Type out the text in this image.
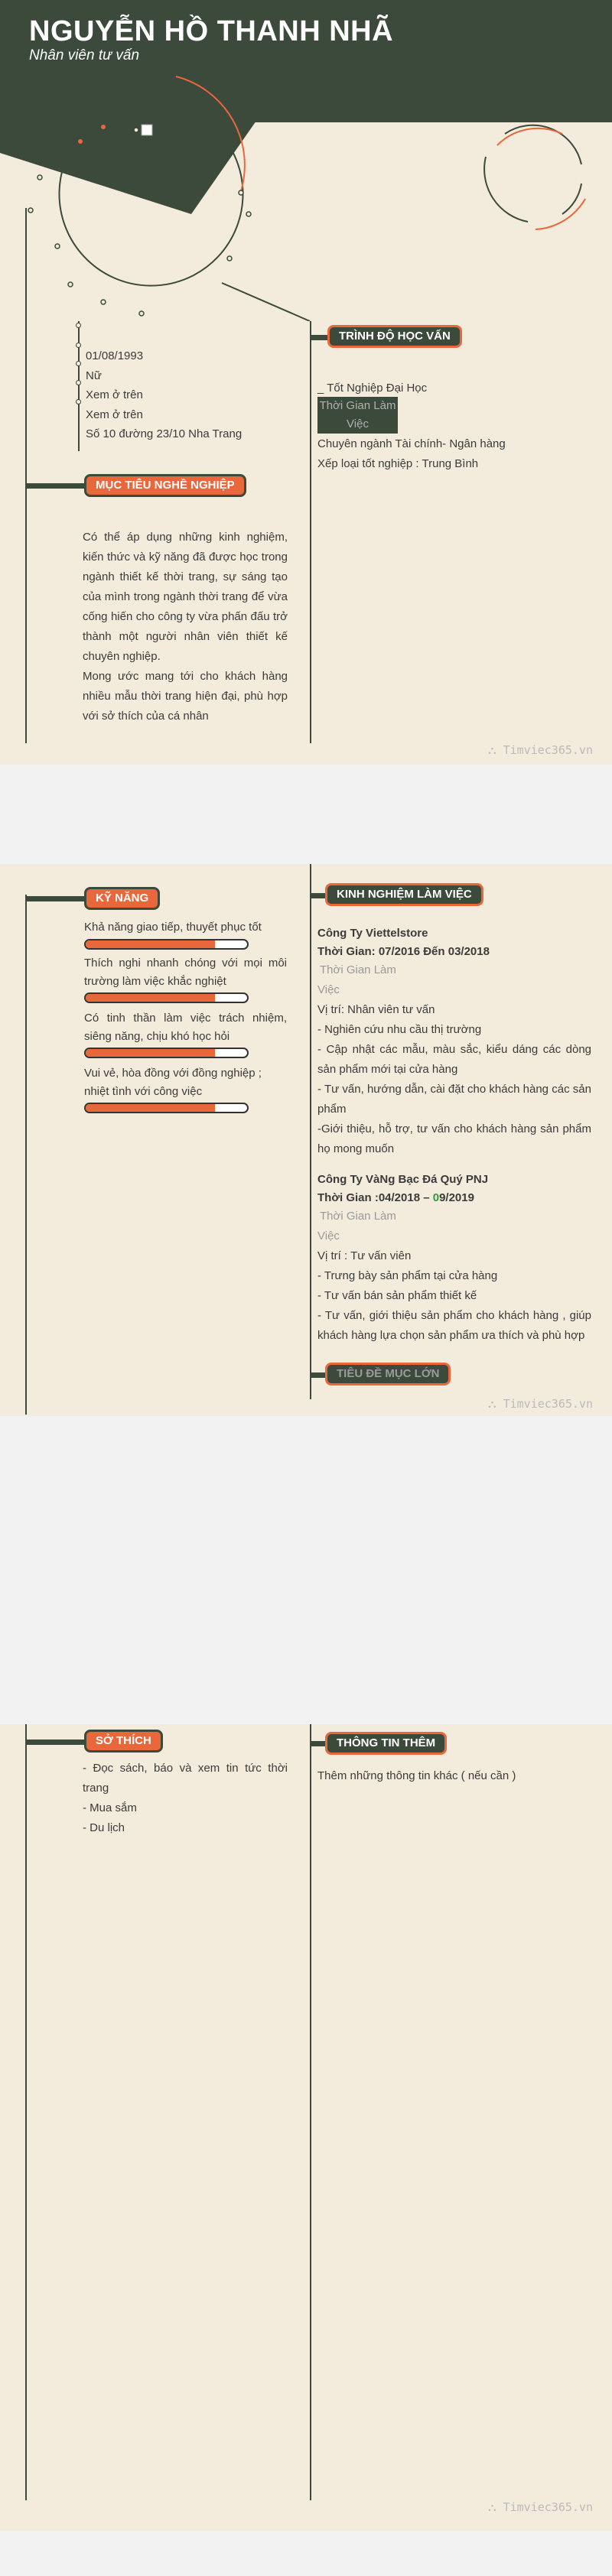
NGUYỄN HỒ THANH NHÃ
Nhân viên tư vấn
01/08/1993
Nữ
Xem ở trên
Xem ở trên
Số 10 đường 23/10 Nha Trang
MỤC TIÊU NGHỀ NGHIỆP
Có thể áp dụng những kinh nghiệm, kiến thức và kỹ năng đã được học trong ngành thiết kế thời trang, sự sáng tạo của mình trong ngành thời trang để vừa cống hiến cho công ty vừa phấn đấu trở thành một người nhân viên thiết kế chuyên nghiệp.
Mong ước mang tới cho khách hàng nhiều mẫu thời trang hiện đại, phù hợp với sở thích của cá nhân
TRÌNH ĐỘ HỌC VẤN
_ Tốt Nghiệp Đại Học
Thời Gian Làm Việc
Chuyên ngành Tài chính- Ngân hàng
Xếp loại tốt nghiệp : Trung Bình
⛬ Timviec365.vn
KỸ NĂNG
Khả năng giao tiếp, thuyết phục tốt
Thích nghi nhanh chóng với mọi môi trường làm việc khắc nghiệt
Có tinh thần làm việc trách nhiệm, siêng năng, chịu khó học hỏi
Vui vẻ, hòa đồng với đồng nghiệp ; nhiệt tình với công việc
KINH NGHIỆM LÀM VIỆC
Công Ty Viettelstore
Thời Gian: 07/2016 Đến 03/2018
Thời Gian Làm Việc
Vị trí: Nhân viên tư vấn
- Nghiên cứu nhu cầu thị trường
- Cập nhật các mẫu, màu sắc, kiểu dáng các dòng sản phẩm mới tại cửa hàng
- Tư vấn, hướng dẫn, cài đặt cho khách hàng các sản phẩm
-Giới thiệu, hỗ trợ, tư vấn cho khách hàng sản phẩm họ mong muốn
Công Ty VàNg Bạc Đá Quý PNJ
Thời Gian :04/2018 – 09/2019
Thời Gian Làm Việc
Vị trí : Tư vấn viên
- Trưng bày sản phẩm tại cửa hàng
- Tư vấn bán sản phẩm thiết kế
- Tư vấn, giới thiệu sản phẩm cho khách hàng , giúp khách hàng lựa chọn sản phẩm ưa thích và phù hợp
TIÊU ĐỀ MỤC LỚN
⛬ Timviec365.vn
SỞ THÍCH
- Đọc sách, báo và xem tin tức thời trang
- Mua sắm
- Du lịch
THÔNG TIN THÊM
Thêm những thông tin khác ( nếu cần )
⛬ Timviec365.vn
